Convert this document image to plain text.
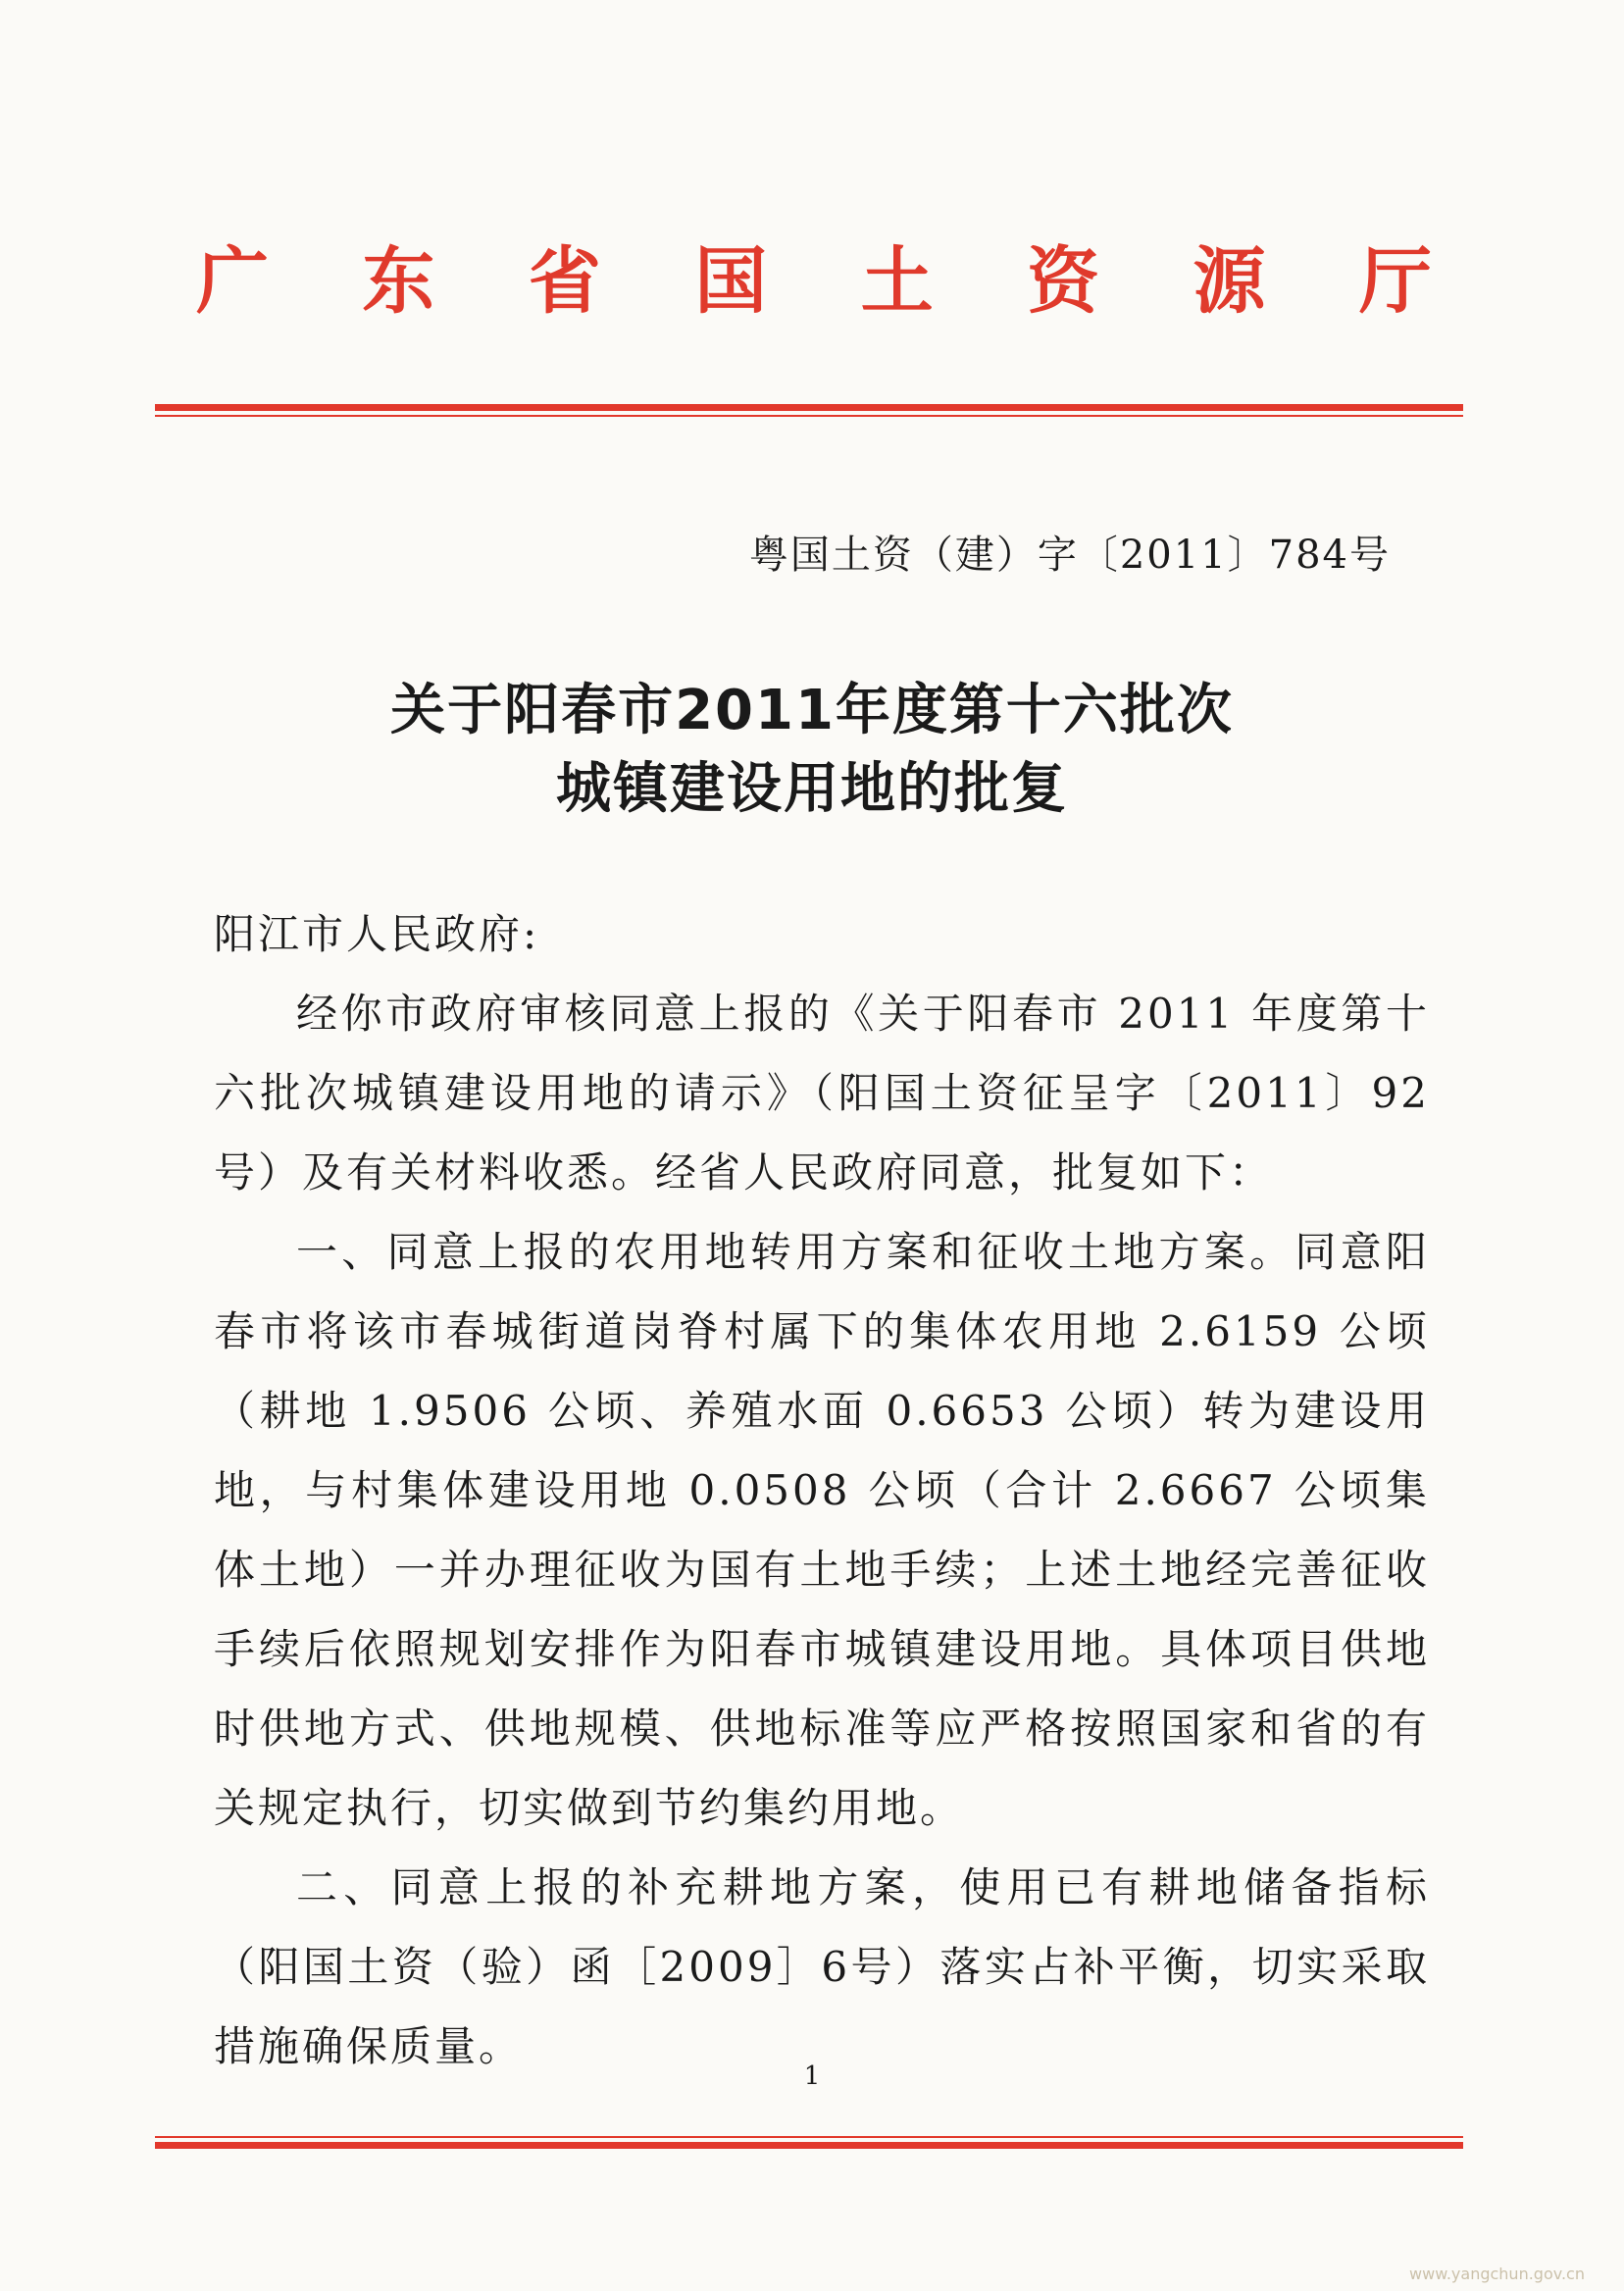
广 东 省 国 土 资 源 厅
粤国土资（建）字〔2011〕784号
关于阳春市2011年度第十六批次
城镇建设用地的批复
阳江市人民政府:
经你市政府审核同意上报的《关于阳春市 2011 年度第十六批次城镇建设用地的请示》（阳国土资征呈字〔2011〕92号）及有关材料收悉。经省人民政府同意，批复如下：
一、同意上报的农用地转用方案和征收土地方案。同意阳春市将该市春城街道岗脊村属下的集体农用地 2.6159 公顷（耕地 1.9506 公顷、养殖水面 0.6653 公顷）转为建设用地，与村集体建设用地 0.0508 公顷（合计 2.6667 公顷集体土地）一并办理征收为国有土地手续；上述土地经完善征收手续后依照规划安排作为阳春市城镇建设用地。具体项目供地时供地方式、供地规模、供地标准等应严格按照国家和省的有关规定执行，切实做到节约集约用地。
二、同意上报的补充耕地方案，使用已有耕地储备指标（阳国土资（验）函［2009］6号）落实占补平衡，切实采取措施确保质量。
1
www.yangchun.gov.cn
